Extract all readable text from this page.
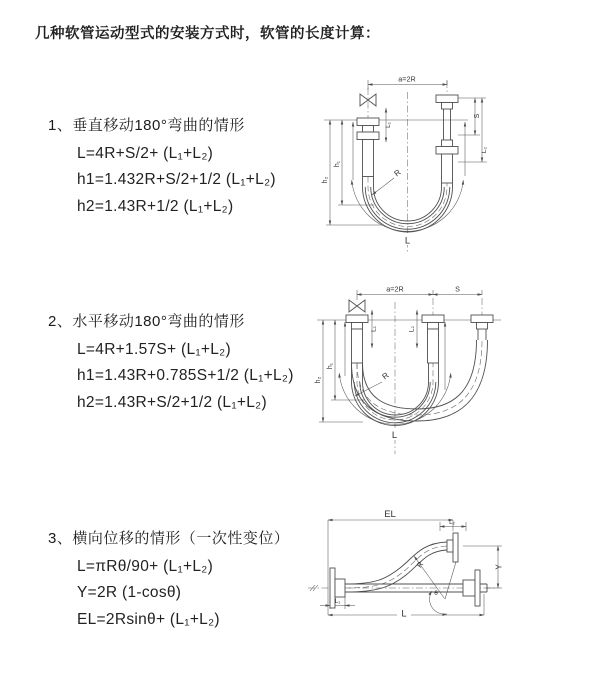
几种软管运动型式的安装方式时，软管的长度计算：
1、垂直移动180°弯曲的情形
L=4R+S/2+ (L₁+L₂)
h1=1.432R+S/2+1/2 (L₁+L₂)
h2=1.43R+1/2 (L₁+L₂)
2、水平移动180°弯曲的情形
L=4R+1.57S+ (L₁+L₂)
h1=1.43R+0.785S+1/2 (L₁+L₂)
h2=1.43R+S/2+1/2 (L₁+L₂)
3、横向位移的情形（一次性变位）
L=πRθ/90+ (L₁+L₂)
Y=2R (1-cosθ)
EL=2Rsinθ+ (L₁+L₂)
a=2R
L₁
S
L₂
h₁
h₂
R
L
a=2R	S
L₁	L₂
h₁
h₂	R
L
EL
L₂
Y
R
θ
L
L₁
